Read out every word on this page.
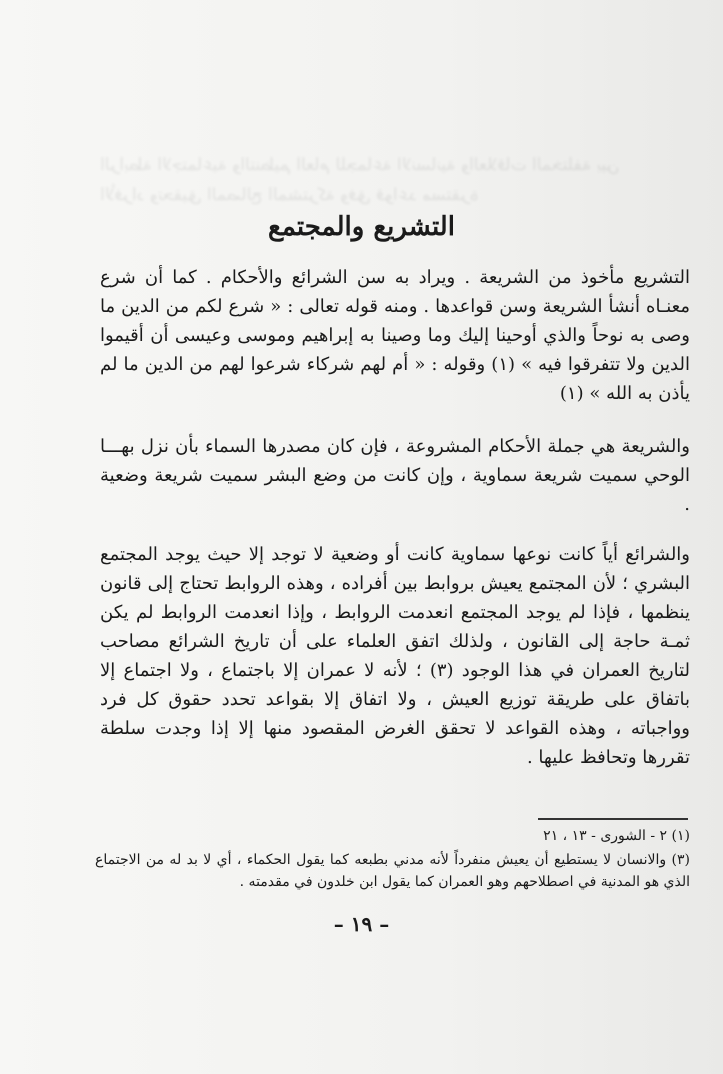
الرابطة الاجتماعية والتنظيم العام للجماعة الانسانية والعلاقات المختلفة بين الأفراد وتحقيق المصالح المشتركة وفق قواعد مستقرة
التشريع والمجتمع
التشريع مأخوذ من الشريعة . ويراد به سن الشرائع والأحكام . كما أن شرع معنـاه أنشأ الشريعة وسن قواعدها . ومنه قوله تعالى : « شرع لكم من الدين ما وصى به نوحاً والذي أوحينا إليك وما وصينا به إبراهيم وموسى وعيسى أن أقيموا الدين ولا تتفرقوا فيه » (١) وقوله : « أم لهم شركاء شرعوا لهم من الدين ما لم يأذن به الله » (١)
والشريعة هي جملة الأحكام المشروعة ، فإن كان مصدرها السماء بأن نزل بهـــا الوحي سميت شريعة سماوية ، وإن كانت من وضع البشر سميت شريعة وضعية .
والشرائع أياً كانت نوعها سماوية كانت أو وضعية لا توجد إلا حيث يوجد المجتمع البشري ؛ لأن المجتمع يعيش بروابط بين أفراده ، وهذه الروابط تحتاج إلى قانون ينظمها ، فإذا لم يوجد المجتمع انعدمت الروابط ، وإذا انعدمت الروابط لم يكن ثمـة حاجة إلى القانون ، ولذلك اتفق العلماء على أن تاريخ الشرائع مصاحب لتاريخ العمران في هذا الوجود (٣) ؛ لأنه لا عمران إلا باجتماع ، ولا اجتماع إلا باتفاق على طريقة توزيع العيش ، ولا اتفاق إلا بقواعد تحدد حقوق كل فرد وواجباته ، وهذه القواعد لا تحقق الغرض المقصود منها إلا إذا وجدت سلطة تقررها وتحافظ عليها .
(١) ٢ - الشورى - ١٣ ، ٢١
(٣) والانسان لا يستطيع أن يعيش منفرداً لأنه مدني بطبعه كما يقول الحكماء ، أي لا بد له من الاجتماع الذي هو المدنية في اصطلاحهم وهو العمران كما يقول ابن خلدون في مقدمته .
– ١٩ –
